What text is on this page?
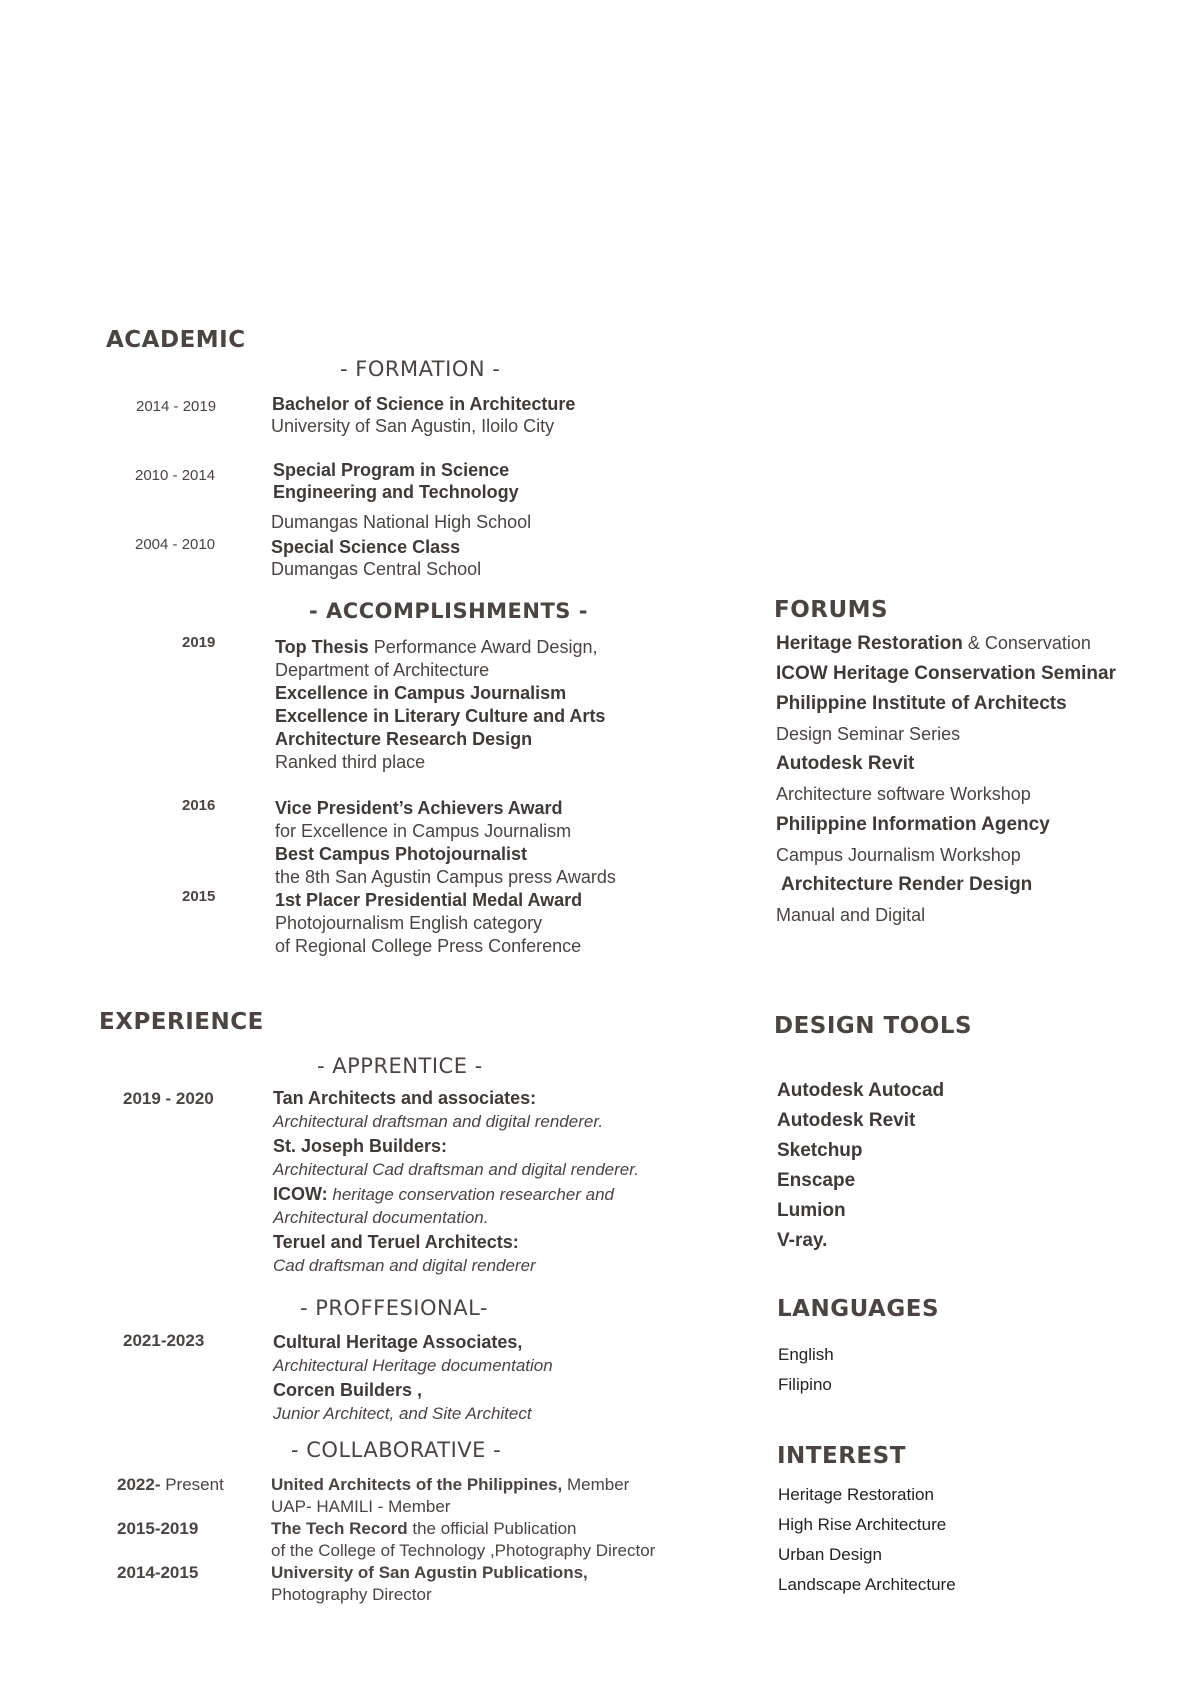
ACADEMIC
- FORMATION -
2014 - 2019	Bachelor of Science in Architecture
University of San Agustin, Iloilo City
2010 - 2014	Special Program in Science
Engineering and Technology
Dumangas National High School
2004 - 2010	Special Science Class
Dumangas Central School
- ACCOMPLISHMENTS -
2019	Top Thesis Performance Award Design,
Department of Architecture
Excellence in Campus Journalism
Excellence in Literary Culture and Arts
Architecture Research Design
Ranked third place
2016	Vice President’s Achievers Award
for Excellence in Campus Journalism
Best Campus Photojournalist
the 8th San Agustin Campus press Awards
2015	1st Placer Presidential Medal Award
Photojournalism English category
of Regional College Press Conference
FORUMS
Heritage Restoration & Conservation
ICOW Heritage Conservation Seminar
Philippine Institute of Architects
Design Seminar Series
Autodesk Revit
Architecture software Workshop
Philippine Information Agency
Campus Journalism Workshop
Architecture Render Design
Manual and Digital
EXPERIENCE
- APPRENTICE -
2019 - 2020	Tan Architects and associates:
Architectural draftsman and digital renderer.
St. Joseph Builders:
Architectural Cad draftsman and digital renderer.
ICOW: heritage conservation researcher and
Architectural documentation.
Teruel and Teruel Architects:
Cad draftsman and digital renderer
- PROFFESIONAL-
2021-2023	Cultural Heritage Associates,
Architectural Heritage documentation
Corcen Builders ,
Junior Architect, and Site Architect
- COLLABORATIVE -
2022- Present	United Architects of the Philippines, Member
UAP- HAMILI - Member
2015-2019	The Tech Record the official Publication
of the College of Technology ,Photography Director
2014-2015	University of San Agustin Publications,
Photography Director
DESIGN TOOLS
Autodesk Autocad
Autodesk Revit
Sketchup
Enscape
Lumion
V-ray.
LANGUAGES
English
Filipino
INTEREST
Heritage Restoration
High Rise Architecture
Urban Design
Landscape Architecture
